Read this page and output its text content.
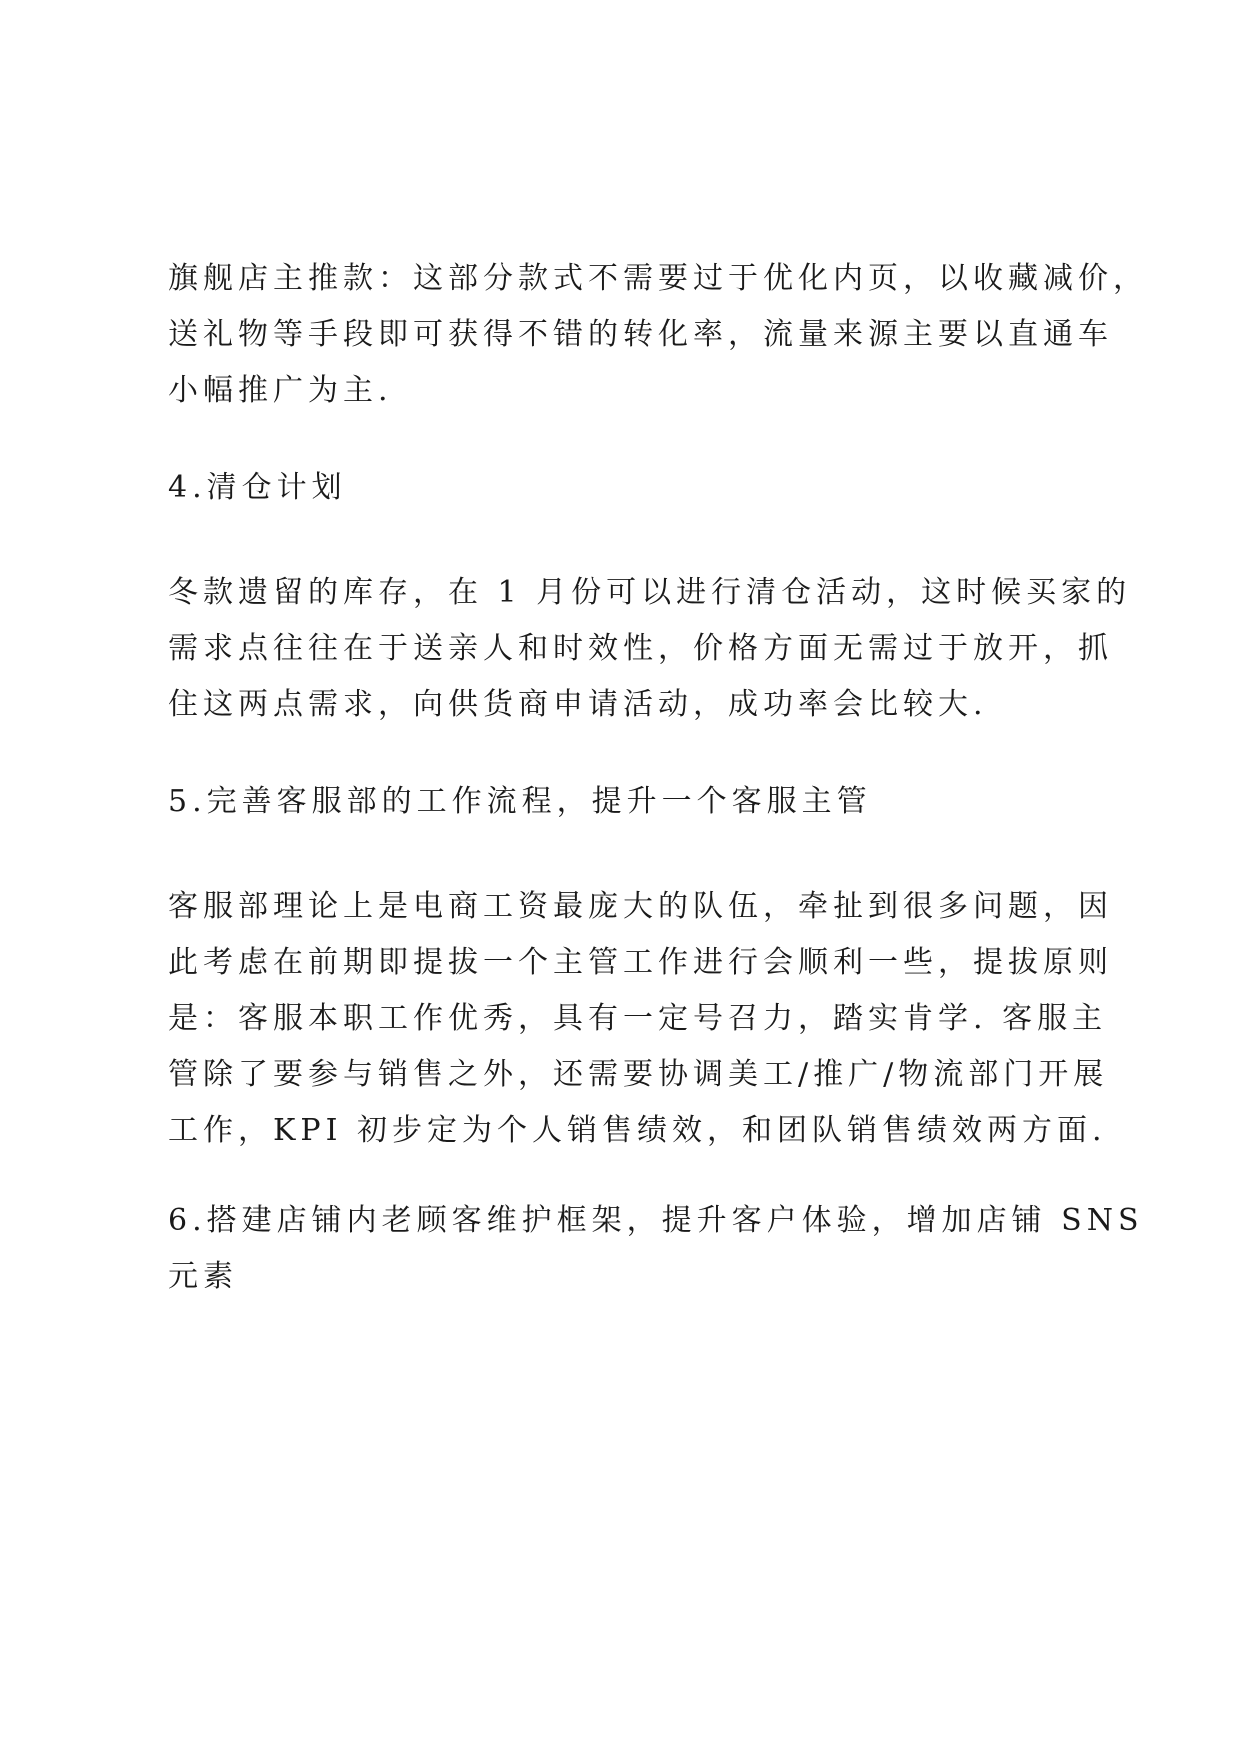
旗舰店主推款：这部分款式不需要过于优化内页，以收藏减价，
送礼物等手段即可获得不错的转化率，流量来源主要以直通车
小幅推广为主.

4.清仓计划

冬款遗留的库存，在 1 月份可以进行清仓活动，这时候买家的
需求点往往在于送亲人和时效性，价格方面无需过于放开，抓
住这两点需求，向供货商申请活动，成功率会比较大.

5.完善客服部的工作流程，提升一个客服主管

客服部理论上是电商工资最庞大的队伍，牵扯到很多问题，因
此考虑在前期即提拔一个主管工作进行会顺利一些，提拔原则
是：客服本职工作优秀，具有一定号召力，踏实肯学. 客服主
管除了要参与销售之外，还需要协调美工/推广/物流部门开展
工作，KPI 初步定为个人销售绩效，和团队销售绩效两方面.

6.搭建店铺内老顾客维护框架，提升客户体验，增加店铺 SNS
元素
